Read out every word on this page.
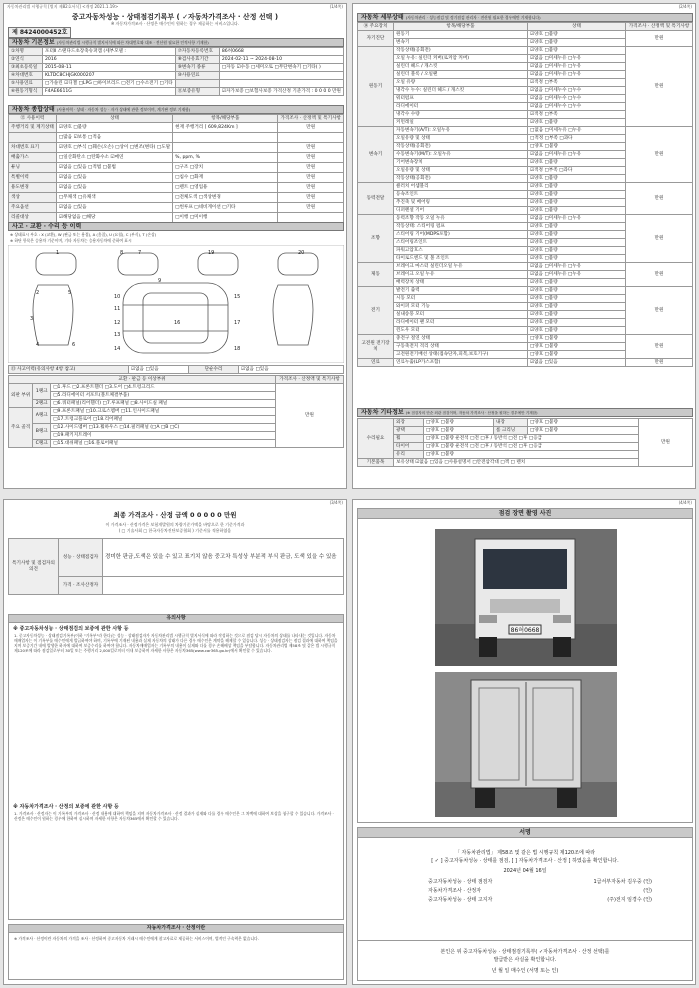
자동차관리법 시행규칙 [별지 제82호서식] <개정 2021.1.19>	(1/4쪽)
중고자동차성능 · 상태점검기록부 ( ✓자동차가격조사 · 산정 선택 )
※ 자동차가격조사 · 산정은 매수인이 원하는 경우 제공하는 서비스입니다.
제 8424000452호
자동차 기본정보 (자동차관리법 시행규칙 별지서식에 따른 차대번호와 대조 · 전산원 필요한 인적사항 기재함)
①차명	포터Ⅱ 스탠다드초장축슈퍼캡 (세부모델 :	⑦자동차등록번호	86허0668
②연식	2016	⑧검사유효기간	2024-02-11 ~ 2024-08-10
③최초등록일	2015-08-11	⑨변속기 종류	□자동 ☑수동 □세미오토 □무단변속기 □기타( )
④차대번호	KLTDC8CHJGK000207	⑩사용연료	
⑤사용연료	□가솔린 ☑디젤 □LPG □하이브리드 □전기 □수소전기 □기타		
⑥원동기형식	F4AE6611G	⑪보증유형	☑자가보증 □보험사보증 가격산정 기준가격 : 0 0 0 0 만원
자동차 종합상태 (사용이력 · 상태 · 자동차 성능 · 자가 상태에 관한 정보이며, 계기판 정보 기재함)
⑫ 사용이력	상태	항목/해당부품	가격조사 · 산정액 및 특기사항
주행거리 및 계기상태	☑양호 □불량	현재 주행거리 [ 609,824Km ]	만원
	□많음 ☑보통 □적음		
차대번호 표기	☑양호 □부식 □훼손(오손) □상이 □변조(변타) □도말		만원
배출가스	□일산화탄소 □탄화수소 ☑매연	%, ppm, %	만원
튜닝	☑없음 □있음 □적법 □불법	□구조 □장치	만원
특별이력	☑없음 □있음	□침수 □화재	만원
용도변경	☑없음 □있음	□렌트 □영업용	만원
색상	□무채색 □유채색	□전체도색 □색상변경	만원
주요옵션	☑없음 □있음	□썬루프 □네비게이션 □기타	만원
리콜대상	☑해당없음 □해당	□이행 □미이행	
사고 · 교환 · 수리 등 이력
※ 상태표시 부호 : X (교환), W (판금 또는 용접), A (흠집), U (요철), C (부식), T (손상)
※ 하단 항목은 승용차 기준이며, 기타 자동차는 승용자동차에 준하여 표시
1
2
3
4
5
6
7
8
9
10
11
12
13
14
15
16	17
18
19	20
⑬ 사고이력(유의사항 4항 참고)	☑없음 □있음	단순수리	☑없음 □있음
교환 · 판금 등 이상부위			가격조사 · 산정액 및 특기사항
외판 부위	1랭크	□1.후드 □2.프론트휀더 □3.도어 □4.트렁크리드	만원
		□5.라디에이터 서포트(볼트체결부품)	
	2랭크	□6.쿼터패널(리어휀더) □7.루프패널 □8.사이드실 패널	
주요 골격	A랭크	□9.프론트패널 □10.크로스멤버 □11.인사이드패널	
		□17.트렁크플로어 □18.리어패널	
	B랭크	□12.사이드멤버 □13.휠하우스 □14.필러패널 (□A □B □C)	
		□19.패키지트레이	
	C랭크	□15.대쉬패널 □16.플로어패널	
(2/4쪽)
자동차 세부상태 (자동차관리 · 성능점검 및 정기점검 관리자 · 전산원 필요한 경우에만 기재함니다)
⑭ 주요장치	항목/해당부품	상태	가격조사 · 산정액 및 특기사항
자기진단	원동기	☑양호 □불량	만원
	변속기	☑양호 □불량	
원동기	작동상태(공회전)	☑양호 □불량	만원
	오일 누유: 실린더 커버(로커암 커버)	☑없음 □미세누유 □누유	
	실린더 헤드 / 개스킷	☑없음 □미세누유 □누유	
	실린더 블록 / 오일팬	☑없음 □미세누유 □누유	
	오일 유량	☑적정 □부족	
	냉각수 누수: 실린더 헤드 / 개스킷	☑없음 □미세누수 □누수	
	워터펌프	☑없음 □미세누수 □누수	
	라디에이터	☑없음 □미세누수 □누수	
	냉각수 수량	☑적정 □부족	
	커먼레일	☑양호 □불량	
변속기	자동변속기(A/T): 오일누유	□없음 □미세누유 □누유	만원
	오일유량 및 상태	□적정 □부족 □과다	
	작동상태(공회전)	□양호 □불량	
	수동변속기(M/T): 오일누유	☑없음 □미세누유 □누유	
	기어변속장치	☑양호 □불량	
	오일유량 및 상태	☑적정 □부족 □과다	
	작동상태(공회전)	☑양호 □불량	
동력전달	클러치 어셈블리	☑양호 □불량	만원
	등속조인트	☑양호 □불량	
	추진축 및 베어링	☑양호 □불량	
	디퍼렌셜 기어	☑양호 □불량	
조향	동력조향 작동 오일 누유	☑없음 □미세누유 □누유	만원
	작동상태: 스티어링 펌프	☑양호 □불량	
	스티어링 기어(MDPS포함)	☑양호 □불량	
	스티어링조인트	☑양호 □불량	
	파워고압호스	☑양호 □불량	
	타이로드엔드 및 볼 조인트	☑양호 □불량	
제동	브레이크 마스터 실린더오일 누유	☑없음 □미세누유 □누유	만원
	브레이크 오일 누유	☑없음 □미세누유 □누유	
	배력장치 상태	☑양호 □불량	
전기	발전기 출력	☑양호 □불량	만원
	시동 모터	☑양호 □불량	
	와이퍼 모터 기능	☑양호 □불량	
	실내송풍 모터	☑양호 □불량	
	라디에이터 팬 모터	☑양호 □불량	
	윈도우 모터	☑양호 □불량	
고전원 전기장치	충전구 절연 상태	□양호 □불량	만원
	구동축전지 격리 상태	□양호 □불량	
	고전원전기배선 상태(접속단자,피복,보호기구)	□양호 □불량	
연료	연료누출(LP가스포함)	☑없음 □있음	만원
자동차 기타정보 (※ 점검자의 단순 외관 점검이며, 자동차 가격조사 · 산정을 원하는 경우에만 기재함)
수리필요	외장	□양호 □불량	내장	□양호 □불량	만원
	광택	□양호 □불량	룸 크리닝	□양호 □불량	
	휠	□양호 □불량 운전석 □전 □후 / 동반석 □전 □후 □응급			
	타이어	□양호 □불량 운전석 □전 □후 / 동반석 □전 □후 □응급			
	유리	□양호 □불량			
기본품목	보유상태 ☑없음 □있음 □사용설명서 □안전삼각대 □잭 □ 렌치				
(3/4쪽)
최종 가격조사 · 산정 금액 0 0 0 0 0 만원
이 가격조사 · 산정가격은 보험개발원의 차량기준가액을 바탕으로 한 기준가격과
( □ 기술사회 □ 한국자동차진단보증협회 ) 기준서를 적용하였음
특기사항 및 점검자의 의견	성능 · 상태점검자	경미한 판금,도색은 있을 수 있고 표기치 않음 중고차 특성상 부분적 부식 판금, 도색 있을 수 있음
	가격 · 조사산정자	
유의사항
※ 중고자동차성능 · 상태점검의 보증에 관한 사항 등
1. 중고자동차성능 · 상태점검기록부(이하 "기록부"라 한다)는 성능 · 상태점검자가 자동차관리법 시행규칙 별지서식에 따라 작성하는 것으로 점검 당시 자동차의 상태를 나타내는 것입니다. 자동차매매업자는 이 기록부를 매수인에게 발급하여야 하며, 기록부에 기재된 내용과 실제 자동차의 상태가 다른 경우 매수인은 계약을 해제할 수 있습니다. 성능 · 상태점검자는 점검 결과에 대하여 책임을 지며 보증기간 내에 발생한 하자에 대하여 보증수리를 하여야 합니다. 자동차매매업자는 기록부의 내용이 실제와 다를 경우 손해배상 책임을 부담합니다. 자동차관리법 제58조 및 같은 법 시행규칙 제120조에 따라 점검일로부터 30일 또는 주행거리 2,000킬로미터 이내 보증하며 자세한 사항은 자동차365(www.car365.go.kr)에서 확인할 수 있습니다.
※ 자동차가격조사 · 산정의 보증에 관한 사항 등
1. 가격조사 · 산정자는 이 기록부의 가격조사 · 산정 내용에 대하여 책임을 지며 자동차가격조사 · 산정 결과가 실제와 다를 경우 매수인은 그 차액에 대하여 보상을 청구할 수 있습니다. 가격조사 · 산정은 매수인이 원하는 경우에 한하여 실시하며 자세한 사항은 자동차365에서 확인할 수 있습니다.
자동차가격조사 · 산정이란
※ 가격조사 · 산정이란 자동차의 가격을 조사 · 산정하여 중고자동차 거래시 매수인에게 참고자료로 제공하는 서비스이며, 법적인 구속력은 없습니다.
(4/4쪽)
점검 장면 촬영 사진
86허0668
서명
「 자동차관리법」 제58조 및 같은 법 시행규칙 제120조에 따라
[ ✓ ] 중고자동차성능 · 상태를 점검, [ ] 자동차가격조사 · 산정 ] 하였음을 확인합니다.
2024년 04월 16일
중고자동차성능 · 상태 점검자	1급서부자동차 김우중 (인)
자동차가격조사 · 산정자	(인)
중고자동차성능 · 상태 고지자	(주)전지 임경수 (인)
본인은 위 중고자동차성능 · 상태점검기록부( ✓자동차가격조사 · 산정 선택)를
발급받은 사실을 확인합니다.
년 월 일 매수인 (서명 또는 인)
